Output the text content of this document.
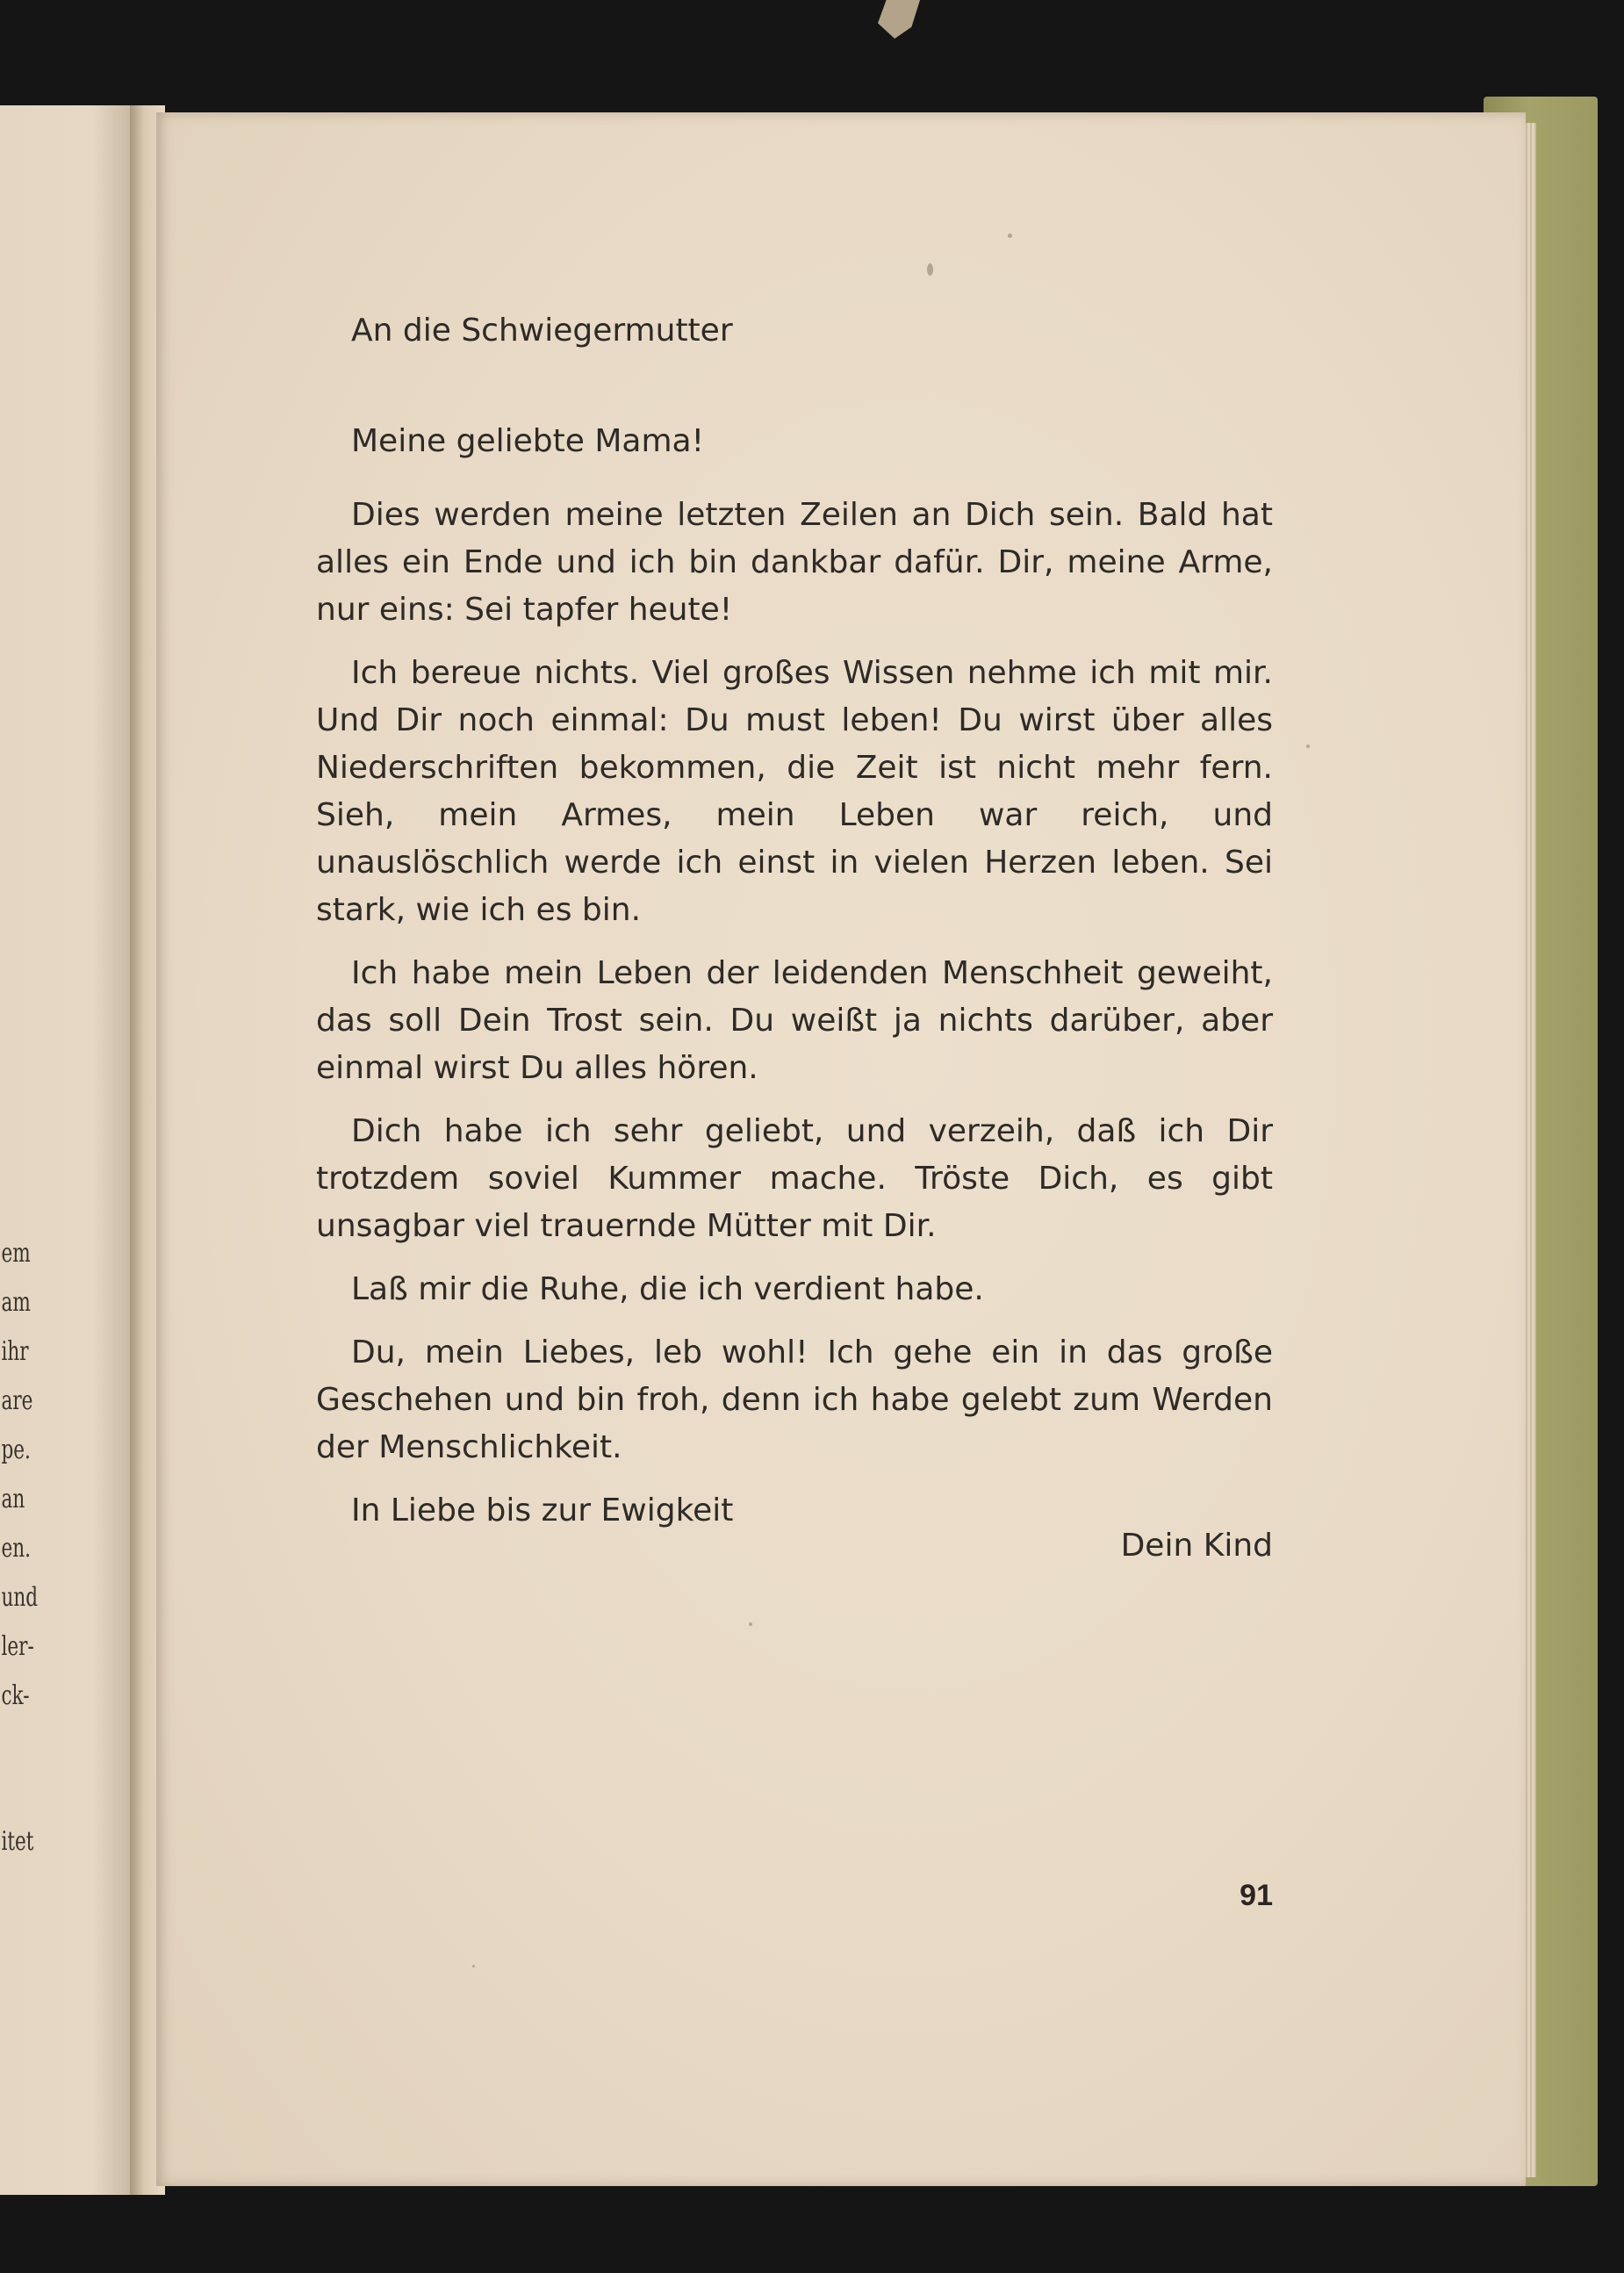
em
am
ihr
are
pe.
an
en.
und
ler-
ck-
itet
An die Schwiegermutter

Meine geliebte Mama!

Dies werden meine letzten Zeilen an Dich sein. Bald hat alles ein Ende und ich bin dankbar dafür. Dir, meine Arme, nur eins: Sei tapfer heute!

Ich bereue nichts. Viel großes Wissen nehme ich mit mir. Und Dir noch einmal: Du must leben! Du wirst über alles Niederschriften bekommen, die Zeit ist nicht mehr fern. Sieh, mein Armes, mein Leben war reich, und unauslöschlich werde ich einst in vielen Herzen leben. Sei stark, wie ich es bin.

Ich habe mein Leben der leidenden Menschheit geweiht, das soll Dein Trost sein. Du weißt ja nichts darüber, aber einmal wirst Du alles hören.

Dich habe ich sehr geliebt, und verzeih, daß ich Dir trotzdem soviel Kummer mache. Tröste Dich, es gibt unsagbar viel trauernde Mütter mit Dir.

Laß mir die Ruhe, die ich verdient habe.

Du, mein Liebes, leb wohl! Ich gehe ein in das große Geschehen und bin froh, denn ich habe gelebt zum Werden der Menschlichkeit.

In Liebe bis zur Ewigkeit

Dein Kind

91
